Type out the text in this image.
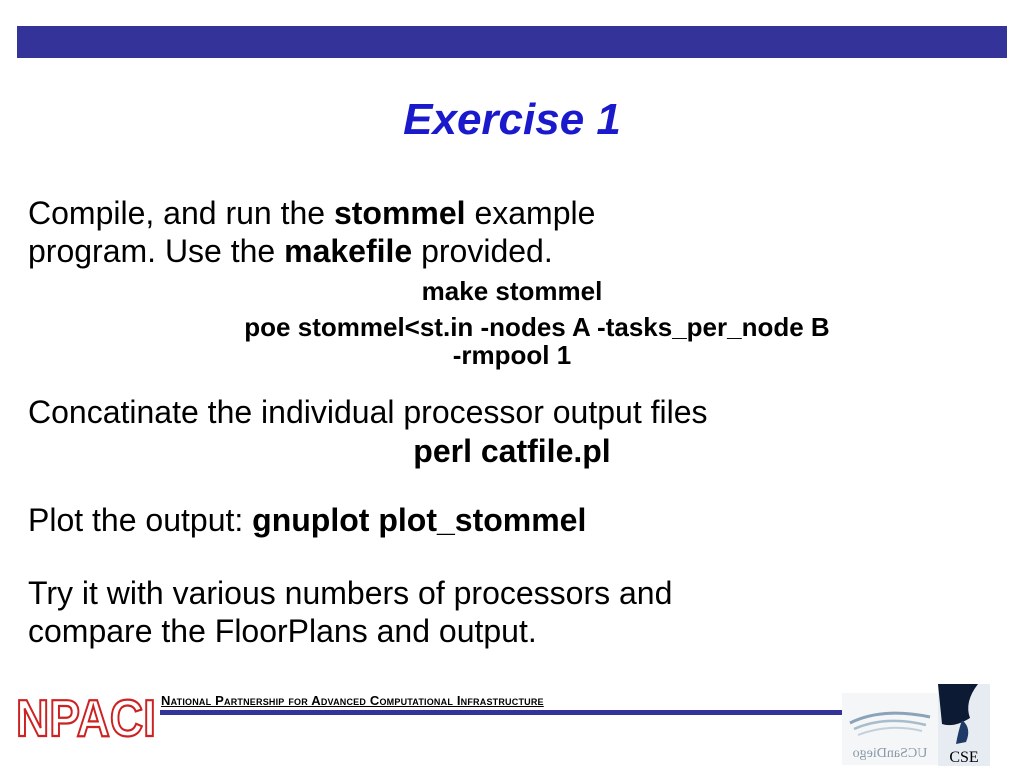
Exercise 1
Compile, and run the stommel example
program. Use the makefile provided.
make stommel
poe stommel<st.in -nodes A -tasks_per_node B
-rmpool 1
Concatinate the individual processor output files
perl catfile.pl
Plot the output: gnuplot plot_stommel
Try it with various numbers of processors and
compare the FloorPlans and output.
NPACI National Partnership for Advanced Computational Infrastructure
UCSanDiego CSE
